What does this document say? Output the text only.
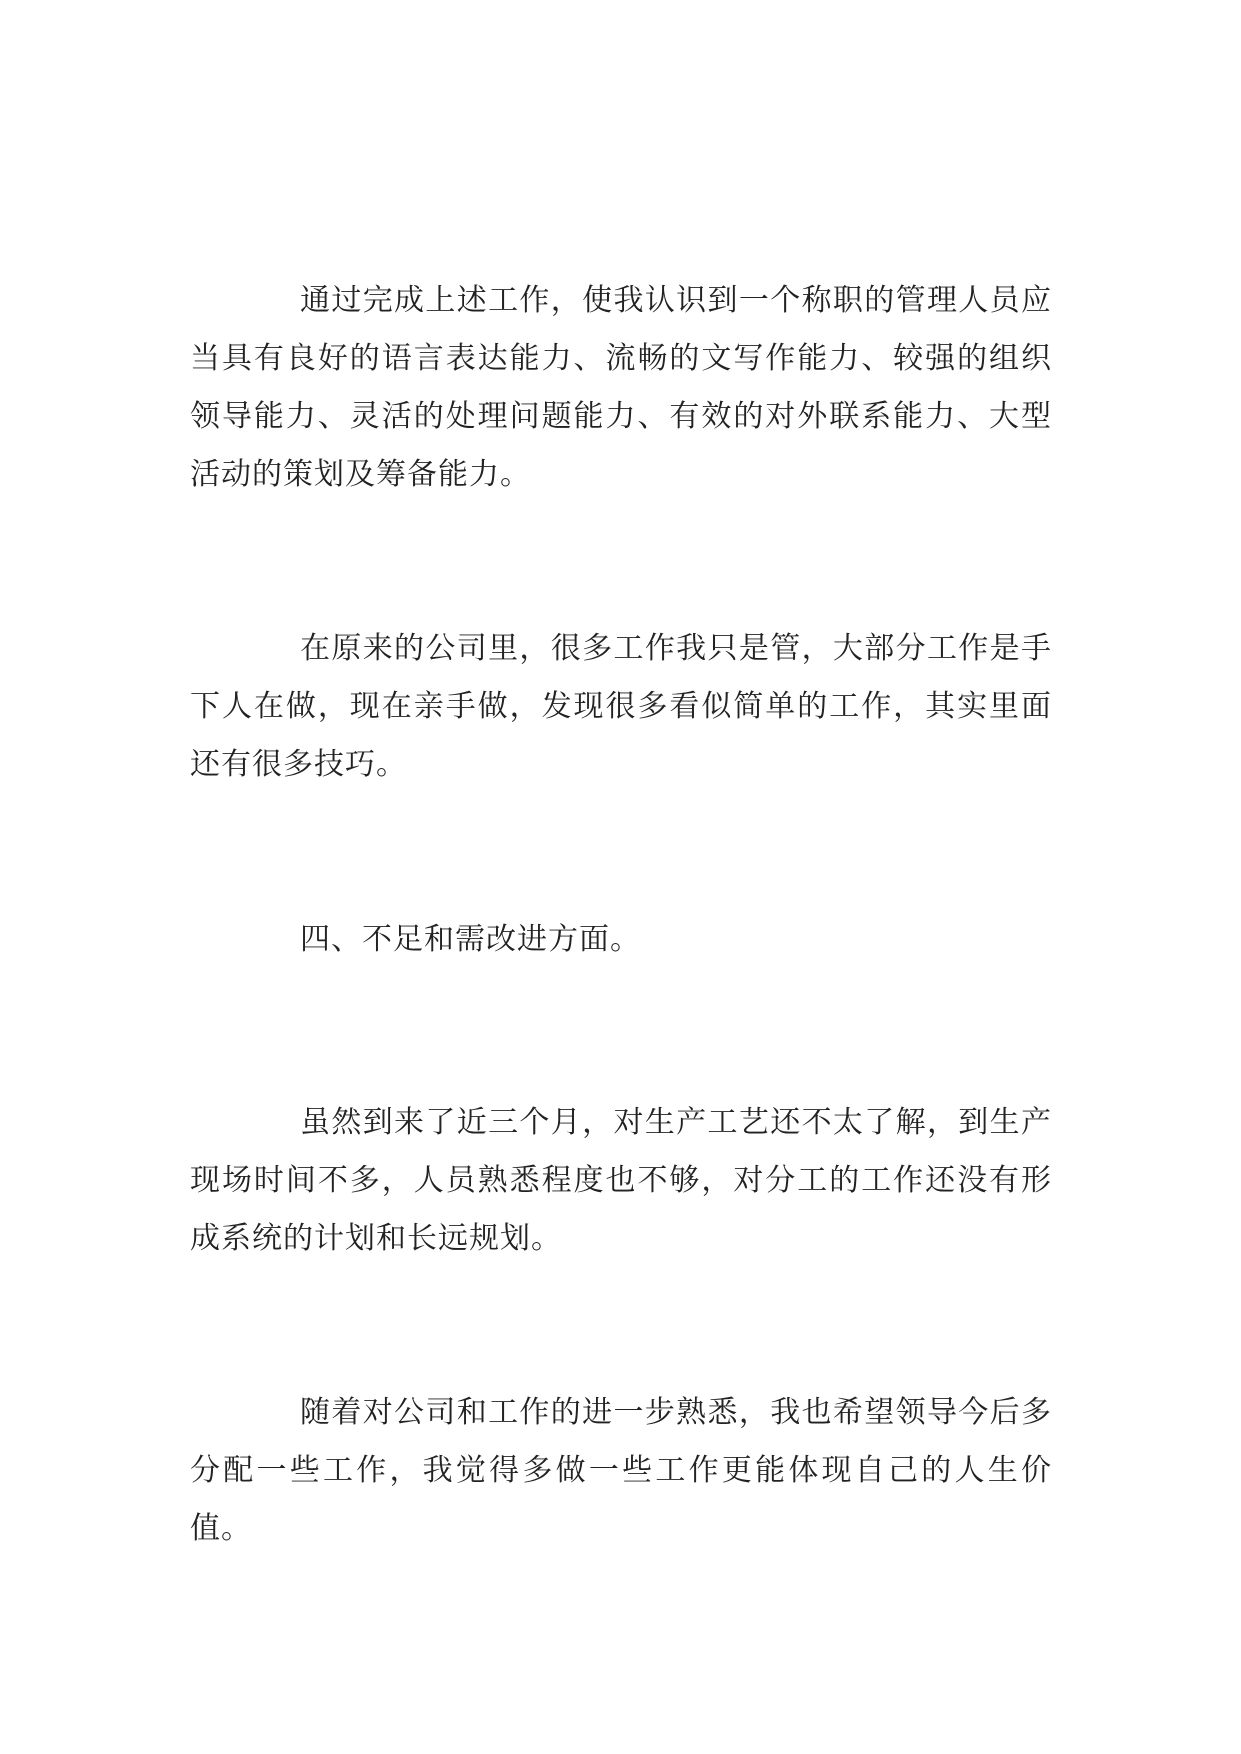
通过完成上述工作，使我认识到一个称职的管理人员应当具有良好的语言表达能力、流畅的文写作能力、较强的组织领导能力、灵活的处理问题能力、有效的对外联系能力、大型活动的策划及筹备能力。

在原来的公司里，很多工作我只是管，大部分工作是手下人在做，现在亲手做，发现很多看似简单的工作，其实里面还有很多技巧。

四、不足和需改进方面。

虽然到来了近三个月，对生产工艺还不太了解，到生产现场时间不多，人员熟悉程度也不够，对分工的工作还没有形成系统的计划和长远规划。

随着对公司和工作的进一步熟悉，我也希望领导今后多分配一些工作，我觉得多做一些工作更能体现自己的人生价值。
